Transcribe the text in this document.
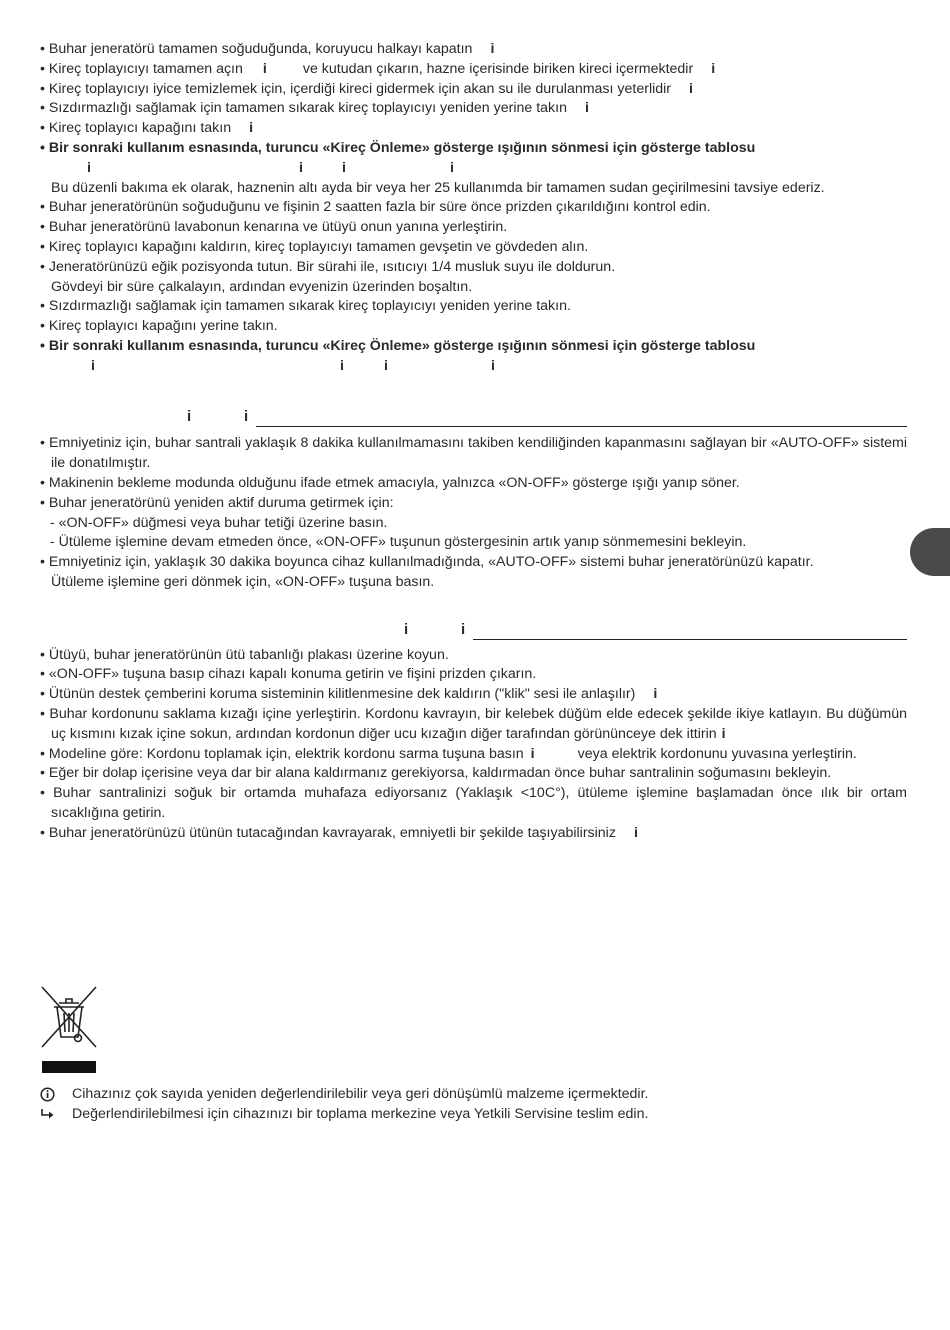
• Buhar jeneratörü tamamen soğuduğunda, koruyucu halkayı kapatın i
• Kireç toplayıcıyı tamamen açın i	ve kutudan çıkarın, hazne içerisinde biriken kireci içermektedir i
• Kireç toplayıcıyı iyice temizlemek için, içerdiği kireci gidermek için akan su ile durulanması yeterlidir i
• Sızdırmazlığı sağlamak için tamamen sıkarak kireç toplayıcıyı yeniden yerine takın i
• Kireç toplayıcı kapağını takın i
• Bir sonraki kullanım esnasında, turuncu «Kireç Önleme» gösterge ışığının sönmesi için gösterge tablosu
i	i	i	i
Bu düzenli bakıma ek olarak, haznenin altı ayda bir veya her 25 kullanımda bir tamamen sudan geçirilmesini tavsiye ederiz.
• Buhar jeneratörünün soğuduğunu ve fişinin 2 saatten fazla bir süre önce prizden çıkarıldığını kontrol edin.
• Buhar jeneratörünü lavabonun kenarına ve ütüyü onun yanına yerleştirin.
• Kireç toplayıcı kapağını kaldırın, kireç toplayıcıyı tamamen gevşetin ve gövdeden alın.
• Jeneratörünüzü eğik pozisyonda tutun. Bir sürahi ile, ısıtıcıyı 1/4 musluk suyu ile doldurun.
Gövdeyi bir süre çalkalayın, ardından evyenizin üzerinden boşaltın.
• Sızdırmazlığı sağlamak için tamamen sıkarak kireç toplayıcıyı yeniden yerine takın.
• Kireç toplayıcı kapağını yerine takın.
• Bir sonraki kullanım esnasında, turuncu «Kireç Önleme» gösterge ışığının sönmesi için gösterge tablosu
i	i	i	i
i	i
• Emniyetiniz için, buhar santrali yaklaşık 8 dakika kullanılmamasını takiben kendiliğinden kapanmasını sağlayan bir «AUTO-OFF» sistemi ile donatılmıştır.
• Makinenin bekleme modunda olduğunu ifade etmek amacıyla, yalnızca «ON-OFF» gösterge ışığı yanıp söner.
• Buhar jeneratörünü yeniden aktif duruma getirmek için:
- «ON-OFF» düğmesi veya buhar tetiği üzerine basın.
- Ütüleme işlemine devam etmeden önce, «ON-OFF» tuşunun göstergesinin artık yanıp sönmemesini bekleyin.
• Emniyetiniz için, yaklaşık 30 dakika boyunca cihaz kullanılmadığında, «AUTO-OFF» sistemi buhar jeneratörünüzü kapatır.
Ütüleme işlemine geri dönmek için, «ON-OFF» tuşuna basın.
i	i
• Ütüyü, buhar jeneratörünün ütü tabanlığı plakası üzerine koyun.
• «ON-OFF» tuşuna basıp cihazı kapalı konuma getirin ve fişini prizden çıkarın.
• Ütünün destek çemberini koruma sisteminin kilitlenmesine dek kaldırın ("klik" sesi ile anlaşılır) i
• Buhar kordonunu saklama kızağı içine yerleştirin. Kordonu kavrayın, bir kelebek düğüm elde edecek şekilde ikiye katlayın. Bu düğümün uç kısmını kızak içine sokun, ardından kordonun diğer ucu kızağın diğer tarafından görününceye dek ittirin i
• Modeline göre: Kordonu toplamak için, elektrik kordonu sarma tuşuna basın i	veya elektrik kordonunu yuvasına yerleştirin.
• Eğer bir dolap içerisine veya dar bir alana kaldırmanız gerekiyorsa, kaldırmadan önce buhar santralinin soğumasını bekleyin.
• Buhar santralinizi soğuk bir ortamda muhafaza ediyorsanız (Yaklaşık <10C°), ütüleme işlemine başlamadan önce ılık bir ortam sıcaklığına getirin.
• Buhar jeneratörünüzü ütünün tutacağından kavrayarak, emniyetli bir şekilde taşıyabilirsiniz i
Cihazınız çok sayıda yeniden değerlendirilebilir veya geri dönüşümlü malzeme içermektedir.
Değerlendirilebilmesi için cihazınızı bir toplama merkezine veya Yetkili Servisine teslim edin.
